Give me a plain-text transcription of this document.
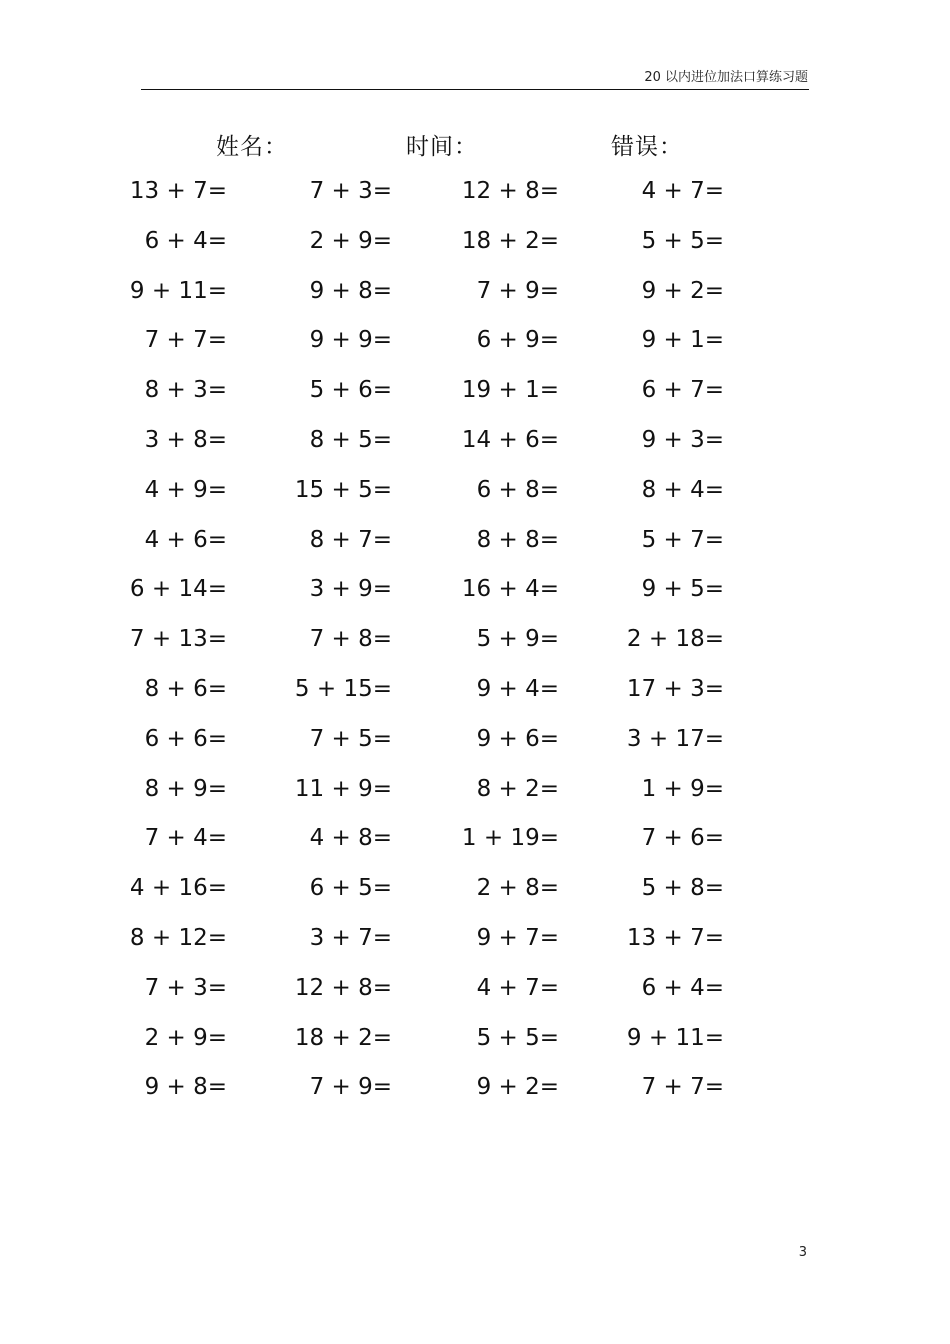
20 以内进位加法口算练习题
姓名：	时间：	错误：
13 + 7=	7 + 3=	12 + 8=	4 + 7=
6 + 4=	2 + 9=	18 + 2=	5 + 5=
9 + 11=	9 + 8=	7 + 9=	9 + 2=
7 + 7=	9 + 9=	6 + 9=	9 + 1=
8 + 3=	5 + 6=	19 + 1=	6 + 7=
3 + 8=	8 + 5=	14 + 6=	9 + 3=
4 + 9=	15 + 5=	6 + 8=	8 + 4=
4 + 6=	8 + 7=	8 + 8=	5 + 7=
6 + 14=	3 + 9=	16 + 4=	9 + 5=
7 + 13=	7 + 8=	5 + 9=	2 + 18=
8 + 6=	5 + 15=	9 + 4=	17 + 3=
6 + 6=	7 + 5=	9 + 6=	3 + 17=
8 + 9=	11 + 9=	8 + 2=	1 + 9=
7 + 4=	4 + 8=	1 + 19=	7 + 6=
4 + 16=	6 + 5=	2 + 8=	5 + 8=
8 + 12=	3 + 7=	9 + 7=	13 + 7=
7 + 3=	12 + 8=	4 + 7=	6 + 4=
2 + 9=	18 + 2=	5 + 5=	9 + 11=
9 + 8=	7 + 9=	9 + 2=	7 + 7=
3
